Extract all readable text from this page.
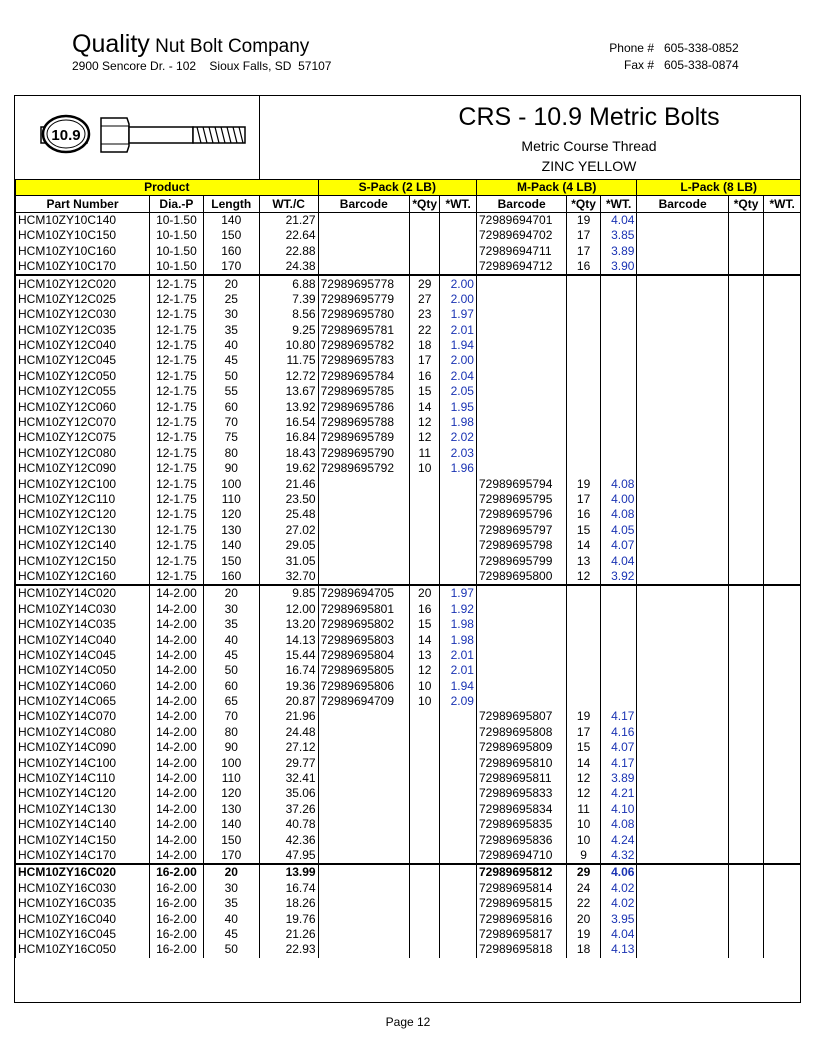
Quality Nut Bolt Company
2900 Sencore Dr. - 102    Sioux Falls, SD  57107
Phone # 605-338-0852
Fax # 605-338-0874
10.9
CRS - 10.9 Metric Bolts
Metric Course Thread
ZINC YELLOW
Product				S-Pack (2 LB)			M-Pack (4 LB)			L-Pack (8 LB)		
Part Number	Dia.-P	Length	WT./C	Barcode	*Qty	*WT.	Barcode	*Qty	*WT.	Barcode	*Qty	*WT.
HCM10ZY10C140	10-1.50	140	21.27				72989694701	19	4.04			
HCM10ZY10C150	10-1.50	150	22.64				72989694702	17	3.85			
HCM10ZY10C160	10-1.50	160	22.88				72989694711	17	3.89			
HCM10ZY10C170	10-1.50	170	24.38				72989694712	16	3.90			
HCM10ZY12C020	12-1.75	20	6.88	72989695778	29	2.00						
HCM10ZY12C025	12-1.75	25	7.39	72989695779	27	2.00						
HCM10ZY12C030	12-1.75	30	8.56	72989695780	23	1.97						
HCM10ZY12C035	12-1.75	35	9.25	72989695781	22	2.01						
HCM10ZY12C040	12-1.75	40	10.80	72989695782	18	1.94						
HCM10ZY12C045	12-1.75	45	11.75	72989695783	17	2.00						
HCM10ZY12C050	12-1.75	50	12.72	72989695784	16	2.04						
HCM10ZY12C055	12-1.75	55	13.67	72989695785	15	2.05						
HCM10ZY12C060	12-1.75	60	13.92	72989695786	14	1.95						
HCM10ZY12C070	12-1.75	70	16.54	72989695788	12	1.98						
HCM10ZY12C075	12-1.75	75	16.84	72989695789	12	2.02						
HCM10ZY12C080	12-1.75	80	18.43	72989695790	11	2.03						
HCM10ZY12C090	12-1.75	90	19.62	72989695792	10	1.96						
HCM10ZY12C100	12-1.75	100	21.46				72989695794	19	4.08			
HCM10ZY12C110	12-1.75	110	23.50				72989695795	17	4.00			
HCM10ZY12C120	12-1.75	120	25.48				72989695796	16	4.08			
HCM10ZY12C130	12-1.75	130	27.02				72989695797	15	4.05			
HCM10ZY12C140	12-1.75	140	29.05				72989695798	14	4.07			
HCM10ZY12C150	12-1.75	150	31.05				72989695799	13	4.04			
HCM10ZY12C160	12-1.75	160	32.70				72989695800	12	3.92			
HCM10ZY14C020	14-2.00	20	9.85	72989694705	20	1.97						
HCM10ZY14C030	14-2.00	30	12.00	72989695801	16	1.92						
HCM10ZY14C035	14-2.00	35	13.20	72989695802	15	1.98						
HCM10ZY14C040	14-2.00	40	14.13	72989695803	14	1.98						
HCM10ZY14C045	14-2.00	45	15.44	72989695804	13	2.01						
HCM10ZY14C050	14-2.00	50	16.74	72989695805	12	2.01						
HCM10ZY14C060	14-2.00	60	19.36	72989695806	10	1.94						
HCM10ZY14C065	14-2.00	65	20.87	72989694709	10	2.09						
HCM10ZY14C070	14-2.00	70	21.96				72989695807	19	4.17			
HCM10ZY14C080	14-2.00	80	24.48				72989695808	17	4.16			
HCM10ZY14C090	14-2.00	90	27.12				72989695809	15	4.07			
HCM10ZY14C100	14-2.00	100	29.77				72989695810	14	4.17			
HCM10ZY14C110	14-2.00	110	32.41				72989695811	12	3.89			
HCM10ZY14C120	14-2.00	120	35.06				72989695833	12	4.21			
HCM10ZY14C130	14-2.00	130	37.26				72989695834	11	4.10			
HCM10ZY14C140	14-2.00	140	40.78				72989695835	10	4.08			
HCM10ZY14C150	14-2.00	150	42.36				72989695836	10	4.24			
HCM10ZY14C170	14-2.00	170	47.95				72989694710	9	4.32			
HCM10ZY16C020	16-2.00	20	13.99				72989695812	29	4.06			
HCM10ZY16C030	16-2.00	30	16.74				72989695814	24	4.02			
HCM10ZY16C035	16-2.00	35	18.26				72989695815	22	4.02			
HCM10ZY16C040	16-2.00	40	19.76				72989695816	20	3.95			
HCM10ZY16C045	16-2.00	45	21.26				72989695817	19	4.04			
HCM10ZY16C050	16-2.00	50	22.93				72989695818	18	4.13			
Page 12
